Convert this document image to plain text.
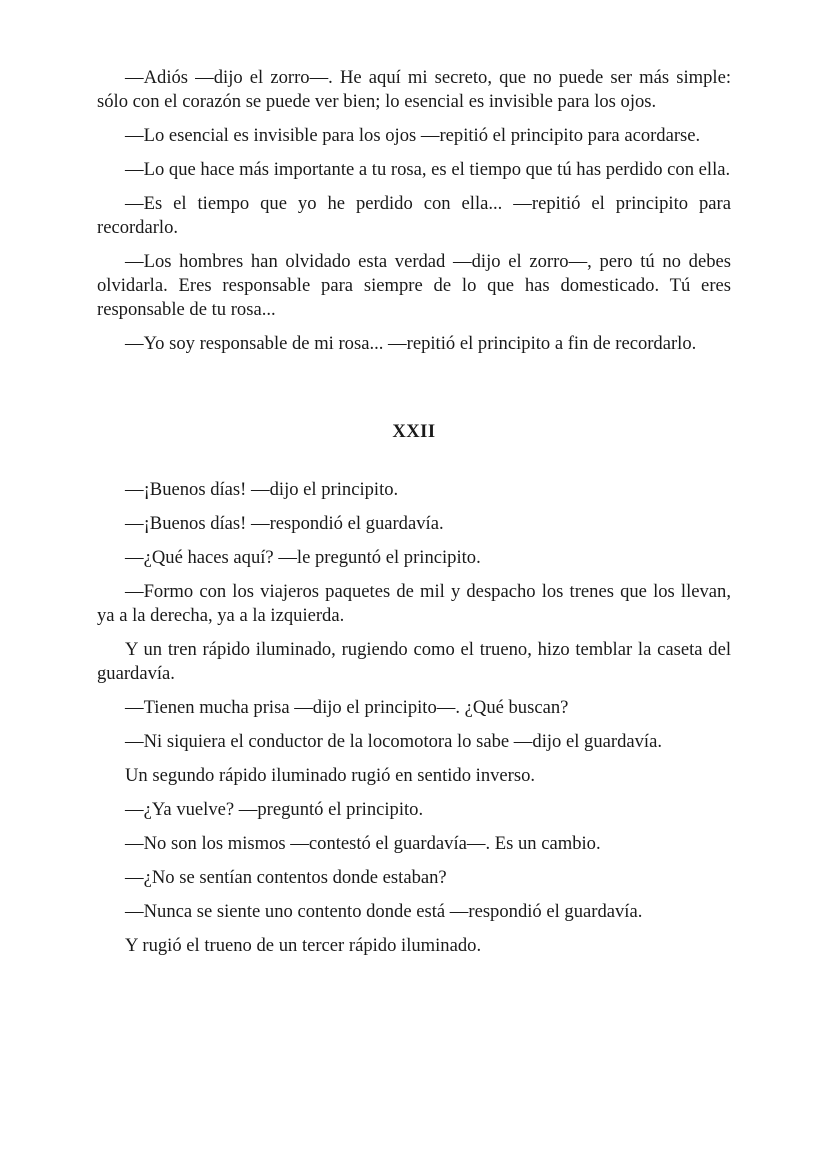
—Adiós —dijo el zorro—. He aquí mi secreto, que no puede ser más simple: sólo con el corazón se puede ver bien; lo esencial es invisible para los ojos.

—Lo esencial es invisible para los ojos —repitió el principito para acordarse.

—Lo que hace más importante a tu rosa, es el tiempo que tú has perdido con ella.

—Es el tiempo que yo he perdido con ella... —repitió el principito para recordarlo.

—Los hombres han olvidado esta verdad —dijo el zorro—, pero tú no debes olvidarla. Eres responsable para siempre de lo que has domesticado. Tú eres responsable de tu rosa...

—Yo soy responsable de mi rosa... —repitió el principito a fin de recordarlo.

XXII

—¡Buenos días! —dijo el principito.

—¡Buenos días! —respondió el guardavía.

—¿Qué haces aquí? —le preguntó el principito.

—Formo con los viajeros paquetes de mil y despacho los trenes que los llevan, ya a la derecha, ya a la izquierda.

Y un tren rápido iluminado, rugiendo como el trueno, hizo temblar la caseta del guardavía.

—Tienen mucha prisa —dijo el principito—. ¿Qué buscan?

—Ni siquiera el conductor de la locomotora lo sabe —dijo el guardavía.

Un segundo rápido iluminado rugió en sentido inverso.

—¿Ya vuelve? —preguntó el principito.

—No son los mismos —contestó el guardavía—. Es un cambio.

—¿No se sentían contentos donde estaban?

—Nunca se siente uno contento donde está —respondió el guardavía.

Y rugió el trueno de un tercer rápido iluminado.
